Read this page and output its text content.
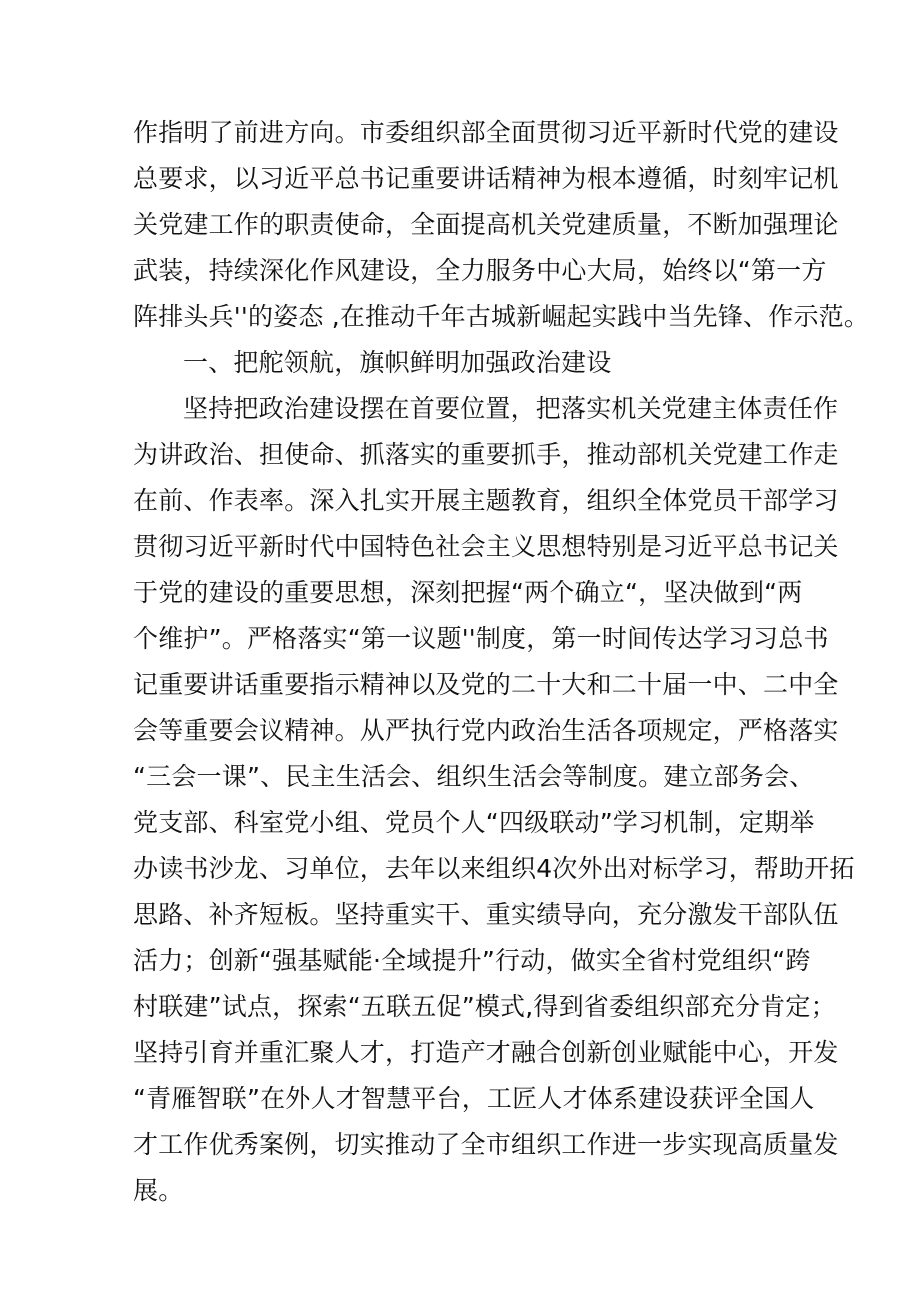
作指明了前进方向。市委组织部全面贯彻习近平新时代党的建设
总要求，以习近平总书记重要讲话精神为根本遵循，时刻牢记机
关党建工作的职责使命，全面提高机关党建质量，不断加强理论
武装，持续深化作风建设，全力服务中心大局，始终以“第一方
阵排头兵''的姿态 ,在推动千年古城新崛起实践中当先锋、作示范。
一、把舵领航，旗帜鲜明加强政治建设
坚持把政治建设摆在首要位置，把落实机关党建主体责任作
为讲政治、担使命、抓落实的重要抓手，推动部机关党建工作走
在前、作表率。深入扎实开展主题教育，组织全体党员干部学习
贯彻习近平新时代中国特色社会主义思想特别是习近平总书记关
于党的建设的重要思想，深刻把握“两个确立“，坚决做到“两
个维护”。严格落实“第一议题''制度，第一时间传达学习习总书
记重要讲话重要指示精神以及党的二十大和二十届一中、二中全
会等重要会议精神。从严执行党内政治生活各项规定，严格落实
“三会一课”、民主生活会、组织生活会等制度。建立部务会、
党支部、科室党小组、党员个人“四级联动”学习机制，定期举
办读书沙龙、习单位，去年以来组织4次外出对标学习，帮助开拓
思路、补齐短板。坚持重实干、重实绩导向，充分激发干部队伍
活力；创新“强基赋能·全域提升”行动，做实全省村党组织“跨
村联建”试点，探索“五联五促”模式,得到省委组织部充分肯定；
坚持引育并重汇聚人才，打造产才融合创新创业赋能中心，开发
“青雁智联”在外人才智慧平台，工匠人才体系建设获评全国人
才工作优秀案例，切实推动了全市组织工作进一步实现高质量发
展。
